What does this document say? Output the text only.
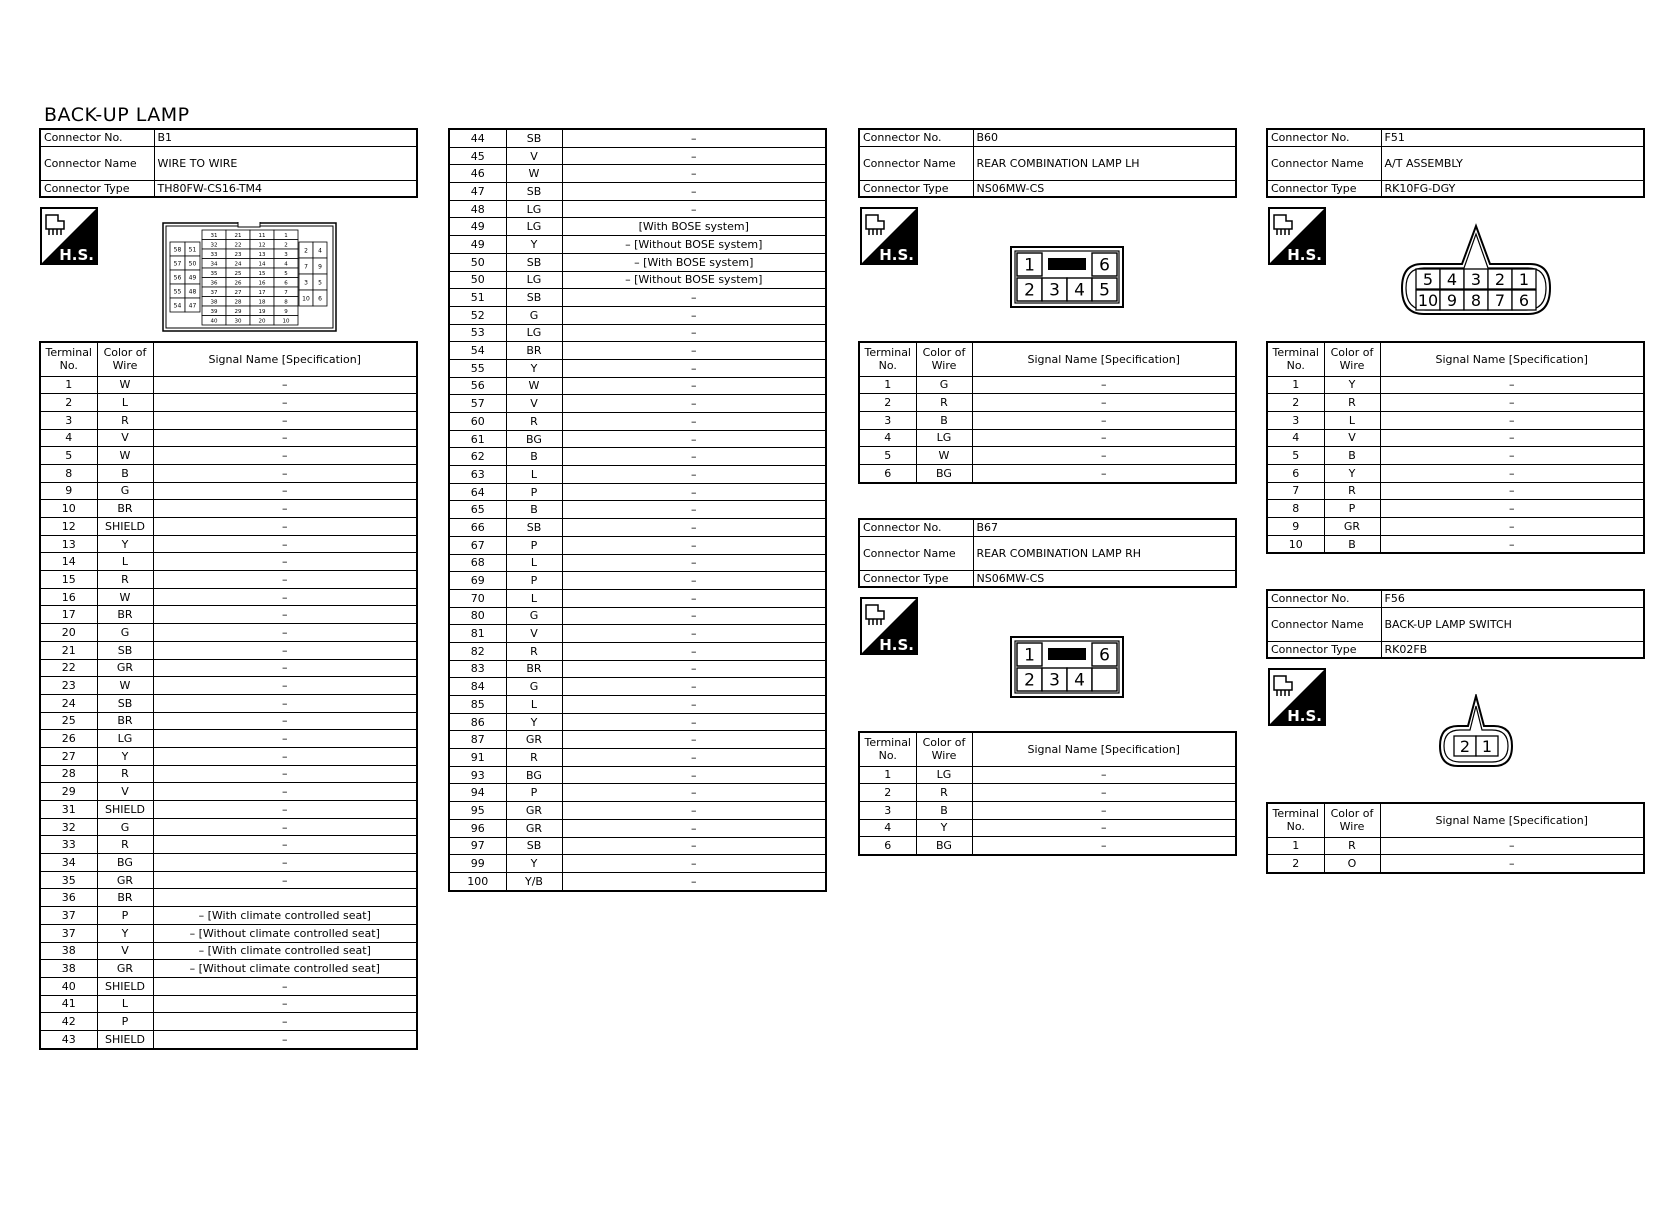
BACK-UP LAMP
Connector No.	B1
Connector Name	WIRE TO WIRE
Connector Type	TH80FW-CS16-TM4
Connector No.	B60
Connector Name	REAR COMBINATION LAMP LH
Connector Type	NS06MW-CS
Connector No.	F51
Connector Name	A/T ASSEMBLY
Connector Type	RK10FG-DGY
Connector No.	B67
Connector Name	REAR COMBINATION LAMP RH
Connector Type	NS06MW-CS
Connector No.	F56
Connector Name	BACK-UP LAMP SWITCH
Connector Type	RK02FB
H.S.	H.S.	H.S.
H.S.
H.S.
58 51
57 50
56 49
55 48
54 47
31	21	11	1
32	22	12	2
33	23	13	3
34	24	14	4
35	25	15	5
36	26	16	6
37	27	17	7
38	28	18	8
39	29	19	9
40	30	20	10
2 4
7 9
3 5
10 6
1	6
2 3 4 5
1	6
2 3 4
5 4 3 2 1
10 9 8 7 6
2 1
Terminal No.	Color of Wire	Signal Name [Specification]
1	W	–
2	L	–
3	R	–
4	V	–
5	W	–
8	B	–
9	G	–
10	BR	–
12	SHIELD	–
13	Y	–
14	L	–
15	R	–
16	W	–
17	BR	–
20	G	–
21	SB	–
22	GR	–
23	W	–
24	SB	–
25	BR	–
26	LG	–
27	Y	–
28	R	–
29	V	–
31	SHIELD	–
32	G	–
33	R	–
34	BG	–
35	GR	–
36	BR	
37	P	– [With climate controlled seat]
37	Y	– [Without climate controlled seat]
38	V	– [With climate controlled seat]
38	GR	– [Without climate controlled seat]
40	SHIELD	–
41	L	–
42	P	–
43	SHIELD	–
44	SB	–
45	V	–
46	W	–
47	SB	–
48	LG	–
49	LG	[With BOSE system]
49	Y	– [Without BOSE system]
50	SB	– [With BOSE system]
50	LG	– [Without BOSE system]
51	SB	–
52	G	–
53	LG	–
54	BR	–
55	Y	–
56	W	–
57	V	–
60	R	–
61	BG	–
62	B	–
63	L	–
64	P	–
65	B	–
66	SB	–
67	P	–
68	L	–
69	P	–
70	L	–
80	G	–
81	V	–
82	R	–
83	BR	–
84	G	–
85	L	–
86	Y	–
87	GR	–
91	R	–
93	BG	–
94	P	–
95	GR	–
96	GR	–
97	SB	–
99	Y	–
100	Y/B	–
Terminal No.	Color of Wire	Signal Name [Specification]
1	G	–
2	R	–
3	B	–
4	LG	–
5	W	–
6	BG	–
Terminal No.	Color of Wire	Signal Name [Specification]
1	LG	–
2	R	–
3	B	–
4	Y	–
6	BG	–
Terminal No.	Color of Wire	Signal Name [Specification]
1	Y	–
2	R	–
3	L	–
4	V	–
5	B	–
6	Y	–
7	R	–
8	P	–
9	GR	–
10	B	–
Terminal No.	Color of Wire	Signal Name [Specification]
1	R	–
2	O	–
